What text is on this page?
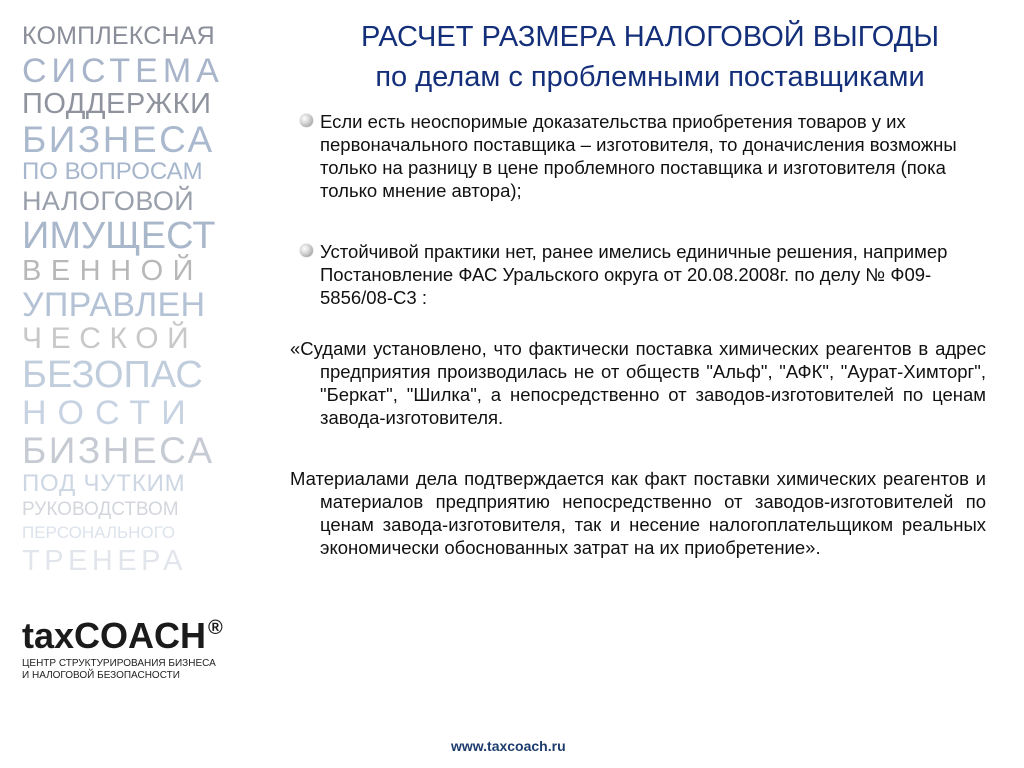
КОМПЛЕКСНАЯ
СИСТЕМА
ПОДДЕРЖКИ
БИЗНЕСА
ПО ВОПРОСАМ
НАЛОГОВОЙ
ИМУЩЕСТ
ВЕННОЙ
УПРАВЛЕН
ЧЕСКОЙ
БЕЗОПАС
НОСТИ
БИЗНЕСА
ПОД ЧУТКИМ
РУКОВОДСТВОМ
ПЕРСОНАЛЬНОГО
ТРЕНЕРА
taxCOACH ®
ЦЕНТР СТРУКТУРИРОВАНИЯ БИЗНЕСА И НАЛОГОВОЙ БЕЗОПАСНОСТИ
РАСЧЕТ РАЗМЕРА НАЛОГОВОЙ ВЫГОДЫ
по делам с проблемными поставщиками
Если есть неоспоримые доказательства приобретения товаров у их первоначального поставщика – изготовителя, то доначисления возможны только на разницу в цене проблемного поставщика и изготовителя (пока только мнение автора);
Устойчивой практики нет, ранее имелись единичные решения, например Постановление ФАС Уральского округа от 20.08.2008г. по делу № Ф09-5856/08-С3 :
«Судами установлено, что фактически поставка химических реагентов в адрес предприятия производилась не от обществ "Альф", "АФК", "Аурат-Химторг", "Беркат", "Шилка", а непосредственно от заводов-изготовителей по ценам завода-изготовителя.
Материалами дела подтверждается как факт поставки химических реагентов и материалов предприятию непосредственно от заводов-изготовителей по ценам завода-изготовителя, так и несение налогоплательщиком реальных экономически обоснованных затрат на их приобретение».
www.taxcoach.ru
